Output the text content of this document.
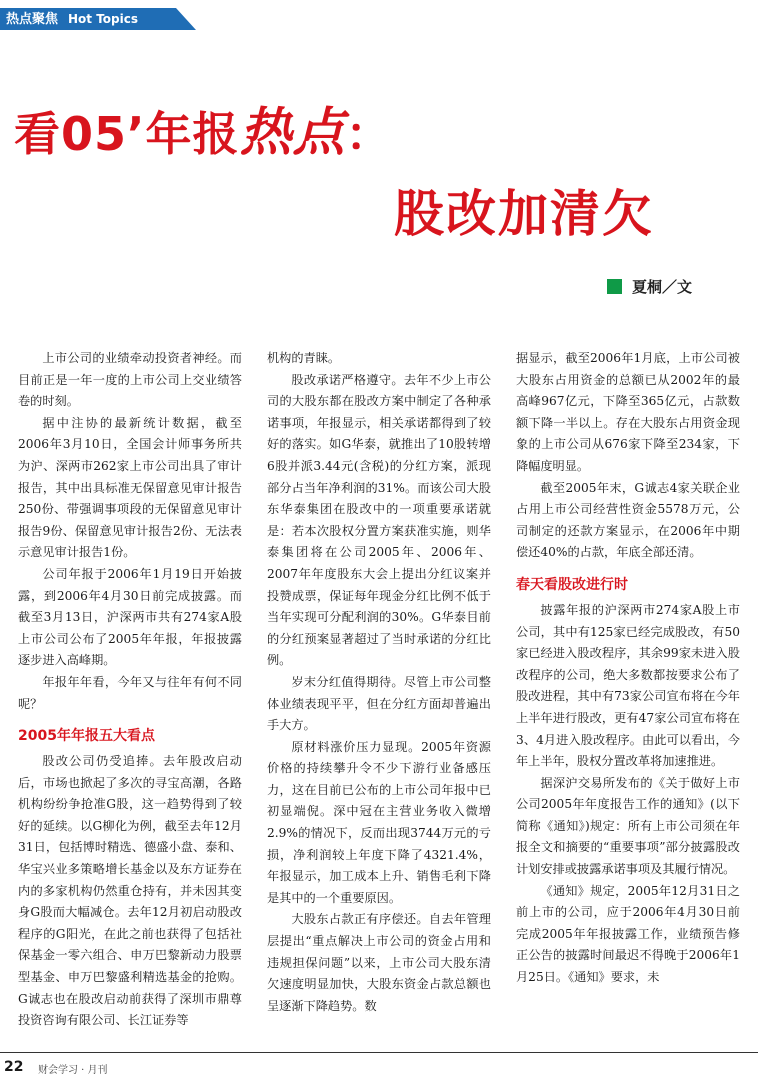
热点聚焦 Hot Topics
看05’年报热点：
股改加清欠
夏桐／文

上市公司的业绩牵动投资者神经。而目前正是一年一度的上市公司上交业绩答卷的时刻。

据中注协的最新统计数据，截至2006年3月10日，全国会计师事务所共为沪、深两市262家上市公司出具了审计报告，其中出具标准无保留意见审计报告250份、带强调事项段的无保留意见审计报告9份、保留意见审计报告2份、无法表示意见审计报告1份。

公司年报于2006年1月19日开始披露，到2006年4月30日前完成披露。而截至3月13日，沪深两市共有274家A股上市公司公布了2005年年报，年报披露逐步进入高峰期。

年报年年看，今年又与往年有何不同呢？

2005年年报五大看点

股改公司仍受追捧。去年股改启动后，市场也掀起了多次的寻宝高潮，各路机构纷纷争抢准G股，这一趋势得到了较好的延续。以G柳化为例，截至去年12月31日，包括博时精选、德盛小盘、泰和、华宝兴业多策略增长基金以及东方证券在内的多家机构仍然重仓持有，并未因其变身G股而大幅减仓。去年12月初启动股改程序的G阳光，在此之前也获得了包括社保基金一零六组合、申万巴黎新动力股票型基金、申万巴黎盛利精选基金的抢购。G诚志也在股改启动前获得了深圳市鼎尊投资咨询有限公司、长江证券等

机构的青睐。

股改承诺严格遵守。去年不少上市公司的大股东都在股改方案中制定了各种承诺事项，年报显示，相关承诺都得到了较好的落实。如G华泰，就推出了10股转增6股并派3.44元(含税)的分红方案，派现部分占当年净利润的31%。而该公司大股东华泰集团在股改中的一项重要承诺就是：若本次股权分置方案获准实施，则华泰集团将在公司2005年、2006年、2007年年度股东大会上提出分红议案并投赞成票，保证每年现金分红比例不低于当年实现可分配利润的30%。G华泰目前的分红预案显著超过了当时承诺的分红比例。

岁末分红值得期待。尽管上市公司整体业绩表现平平，但在分红方面却普遍出手大方。

原材料涨价压力显现。2005年资源价格的持续攀升令不少下游行业备感压力，这在目前已公布的上市公司年报中已初显端倪。深中冠在主营业务收入微增2.9%的情况下，反而出现3744万元的亏损，净利润较上年度下降了4321.4%，年报显示，加工成本上升、销售毛利下降是其中的一个重要原因。

大股东占款正有序偿还。自去年管理层提出“重点解决上市公司的资金占用和违规担保问题”以来，上市公司大股东清欠速度明显加快，大股东资金占款总额也呈逐渐下降趋势。数

据显示，截至2006年1月底，上市公司被大股东占用资金的总额已从2002年的最高峰967亿元，下降至365亿元，占款数额下降一半以上。存在大股东占用资金现象的上市公司从676家下降至234家，下降幅度明显。

截至2005年末，G诚志4家关联企业占用上市公司经营性资金5578万元，公司制定的还款方案显示，在2006年中期偿还40%的占款，年底全部还清。

春天看股改进行时

披露年报的沪深两市274家A股上市公司，其中有125家已经完成股改，有50家已经进入股改程序，其余99家未进入股改程序的公司，绝大多数都按要求公布了股改进程，其中有73家公司宣布将在今年上半年进行股改，更有47家公司宣布将在3、4月进入股改程序。由此可以看出，今年上半年，股权分置改革将加速推进。

据深沪交易所发布的《关于做好上市公司2005年年度报告工作的通知》(以下简称《通知》)规定：所有上市公司须在年报全文和摘要的“重要事项”部分披露股改计划安排或披露承诺事项及其履行情况。

《通知》规定，2005年12月31日之前上市的公司，应于2006年4月30日前完成2005年年报披露工作，业绩预告修正公告的披露时间最迟不得晚于2006年1月25日。《通知》要求，未

22 财会学习 · 月刊
